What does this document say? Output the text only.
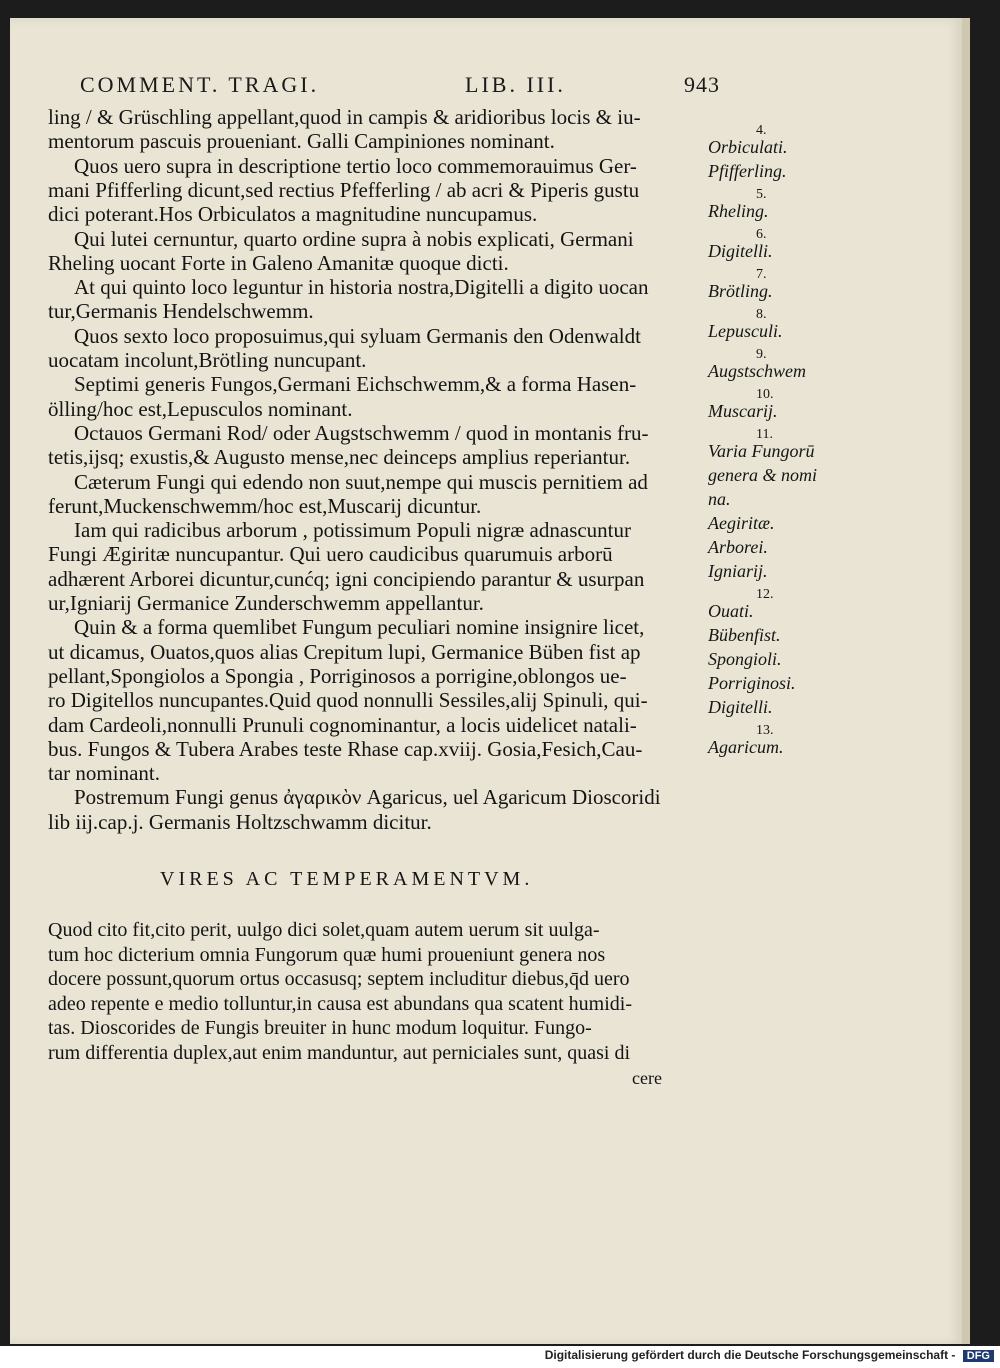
COMMENT. TRAGI.	LIB. III.	943
ling / & Grüschling appellant,quod in campis & aridioribus locis & iu-
mentorum pascuis proueniant. Galli Campiniones nominant.
Quos uero supra in descriptione tertio loco commemorauimus Ger-
mani Pfifferling dicunt,sed rectius Pfefferling / ab acri & Piperis gustu
dici poterant.Hos Orbiculatos a magnitudine nuncupamus.
Qui lutei cernuntur, quarto ordine supra à nobis explicati, Germani
Rheling uocant Forte in Galeno Amanitæ quoque dicti.
At qui quinto loco leguntur in historia nostra,Digitelli a digito uocan
tur,Germanis Hendelschwemm.
Quos sexto loco proposuimus,qui syluam Germanis den Odenwaldt
uocatam incolunt,Brötling nuncupant.
Septimi generis Fungos,Germani Eichschwemm,& a forma Hasen-
ölling/hoc est,Lepusculos nominant.
Octauos Germani Rod/ oder Augstschwemm / quod in montanis fru-
tetis,ijsq; exustis,& Augusto mense,nec deinceps amplius reperiantur.
Cæterum Fungi qui edendo non suut,nempe qui muscis pernitiem ad
ferunt,Muckenschwemm/hoc est,Muscarij dicuntur.
Iam qui radicibus arborum , potissimum Populi nigræ adnascuntur
Fungi Ægiritæ nuncupantur. Qui uero caudicibus quarumuis arborū
adhærent Arborei dicuntur,cunćq; igni concipiendo parantur & usurpan
ur,Igniarij Germanice Zunderschwemm appellantur.
Quin & a forma quemlibet Fungum peculiari nomine insignire licet,
ut dicamus, Ouatos,quos alias Crepitum lupi, Germanice Büben fist ap
pellant,Spongiolos a Spongia , Porriginosos a porrigine,oblongos ue-
ro Digitellos nuncupantes.Quid quod nonnulli Sessiles,alij Spinuli, qui-
dam Cardeoli,nonnulli Prunuli cognominantur, a locis uidelicet natali-
bus. Fungos & Tubera Arabes teste Rhase cap.xviij. Gosia,Fesich,Cau-
tar nominant.
Postremum Fungi genus ἀγαρικὸν Agaricus, uel Agaricum Dioscoridi
lib iij.cap.j. Germanis Holtzschwamm dicitur.
4.
Orbiculati.
Pfifferling.
5.
Rheling.
6.
Digitelli.
7.
Brötling.
8.
Lepusculi.
9.
Augstschwem
10.
Muscarij.
11.
Varia Fungorū
genera & nomi
na.
Aegiritæ.
Arborei.
Igniarij.
12.
Ouati.
Bübenfist.
Spongioli.
Porriginosi.
Digitelli.
13.
Agaricum.
VIRES AC TEMPERAMENTVM.
Quod cito fit,cito perit, uulgo dici solet,quam autem uerum sit uulga-
tum hoc dicterium omnia Fungorum quæ humi proueniunt genera nos
docere possunt,quorum ortus occasusq; septem includitur diebus,q̄d uero
adeo repente e medio tolluntur,in causa est abundans qua scatent humidi-
tas. Dioscorides de Fungis breuiter in hunc modum loquitur. Fungo-
rum differentia duplex,aut enim manduntur, aut perniciales sunt, quasi di
cere
Digitalisierung gefördert durch die Deutsche Forschungsgemeinschaft - DFG
